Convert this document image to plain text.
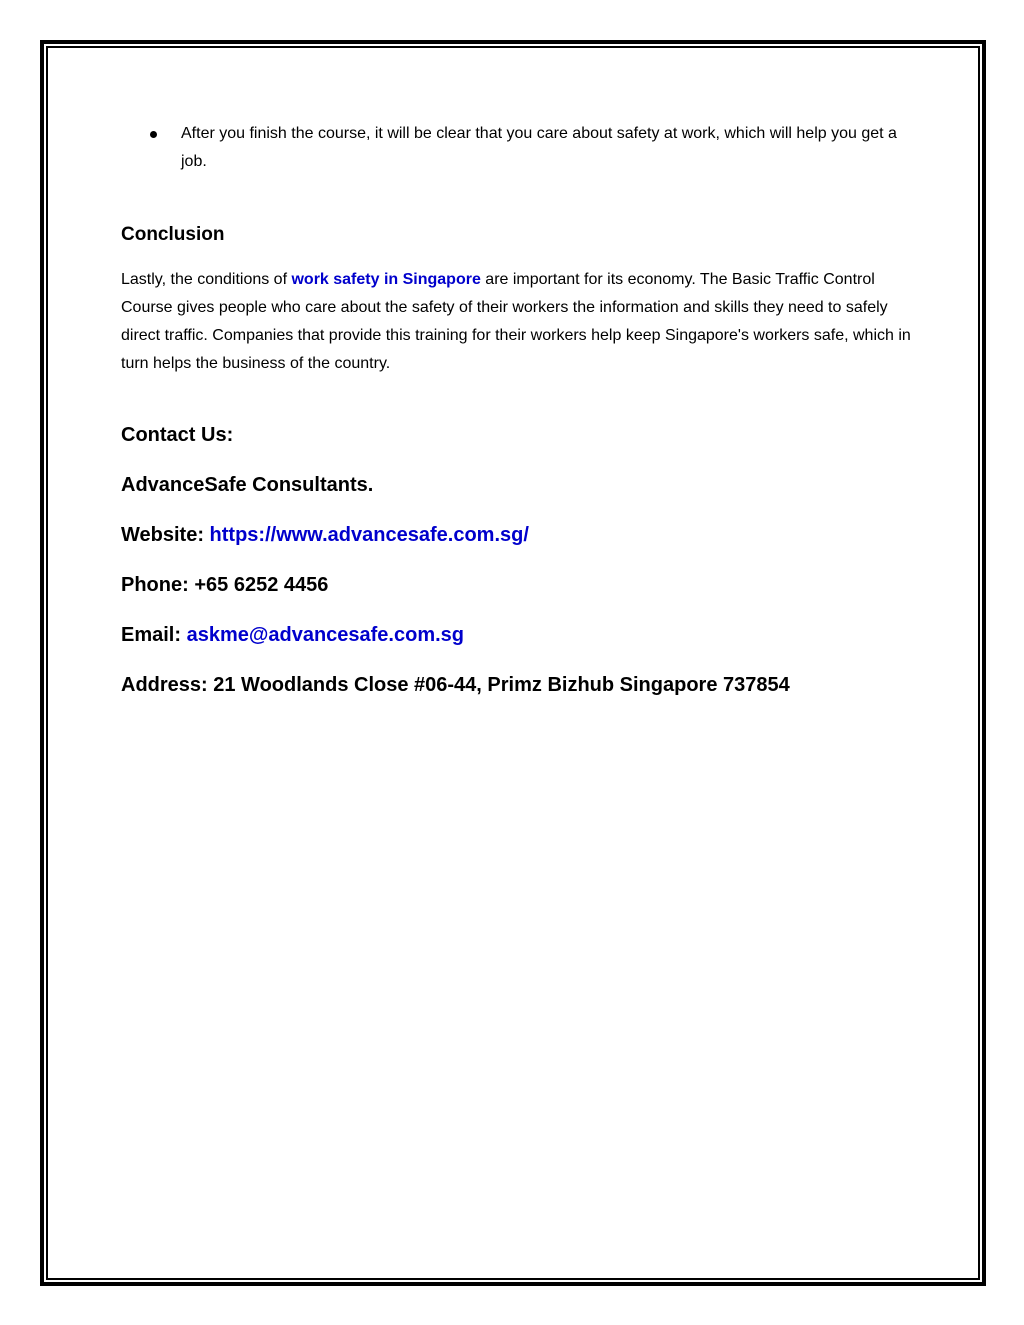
After you finish the course, it will be clear that you care about safety at work, which will help you get a job.
Conclusion

Lastly, the conditions of work safety in Singapore are important for its economy. The Basic Traffic Control Course gives people who care about the safety of their workers the information and skills they need to safely direct traffic. Companies that provide this training for their workers help keep Singapore's workers safe, which in turn helps the business of the country.

Contact Us:
AdvanceSafe Consultants.
Website: https://www.advancesafe.com.sg/
Phone: +65 6252 4456
Email: askme@advancesafe.com.sg
Address: 21 Woodlands Close #06-44, Primz Bizhub Singapore 737854
